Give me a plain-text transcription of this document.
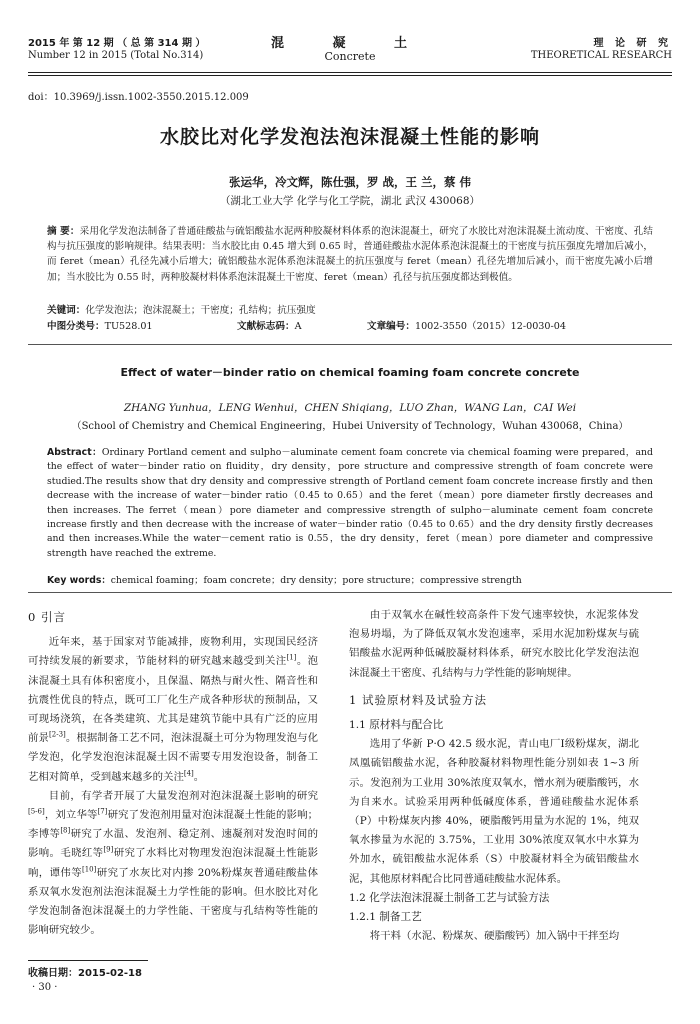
2015 年 第 12 期 （ 总 第 314 期 ）
Number 12 in 2015 (Total No.314)
混 凝 土
Concrete
理 论 研 究
THEORETICAL RESEARCH
doi：10.3969/j.issn.1002-3550.2015.12.009
水胶比对化学发泡法泡沫混凝土性能的影响
张运华，冷文辉，陈仕强，罗 战，王 兰，蔡 伟
（湖北工业大学 化学与化工学院，湖北 武汉 430068）
摘 要：采用化学发泡法制备了普通硅酸盐与硫铝酸盐水泥两种胶凝材料体系的泡沫混凝土，研究了水胶比对泡沫混凝土流动度、干密度、孔结构与抗压强度的影响规律。结果表明：当水胶比由 0.45 增大到 0.65 时，普通硅酸盐水泥体系泡沫混凝土的干密度与抗压强度先增加后减小，而 feret（mean）孔径先减小后增大；硫铝酸盐水泥体系泡沫混凝土的抗压强度与 feret（mean）孔径先增加后减小，而干密度先减小后增加；当水胶比为 0.55 时，两种胶凝材料体系泡沫混凝土干密度、feret（mean）孔径与抗压强度都达到极值。
关键词：化学发泡法；泡沫混凝土；干密度；孔结构；抗压强度
中图分类号：TU528.01	文献标志码：A	文章编号：1002-3550（2015）12-0030-04
Effect of water－binder ratio on chemical foaming foam concrete concrete
ZHANG Yunhua，LENG Wenhui，CHEN Shiqiang，LUO Zhan，WANG Lan，CAI Wei
（School of Chemistry and Chemical Engineering，Hubei University of Technology，Wuhan 430068，China）
Abstract：Ordinary Portland cement and sulpho－aluminate cement foam concrete via chemical foaming were prepared，and the effect of water－binder ratio on fluidity，dry density，pore structure and compressive strength of foam concrete were studied.The results show that dry density and compressive strength of Portland cement foam concrete increase firstly and then decrease with the increase of water－binder ratio（0.45 to 0.65）and the feret（mean）pore diameter firstly decreases and then increases. The ferret（mean）pore diameter and compressive strength of sulpho－aluminate cement foam concrete increase firstly and then decrease with the increase of water－binder ratio（0.45 to 0.65）and the dry density firstly decreases and then increases.While the water－cement ratio is 0.55，the dry density，feret（mean）pore diameter and compressive strength have reached the extreme.
Key words：chemical foaming；foam concrete；dry density；pore structure；compressive strength
0 引言

近年来，基于国家对节能减排，废物利用，实现国民经济可持续发展的新要求，节能材料的研究越来越受到关注[1]。泡沫混凝土具有体积密度小，且保温、隔热与耐火性、隔音性和抗震性优良的特点，既可工厂化生产成各种形状的预制品，又可现场浇筑，在各类建筑、尤其是建筑节能中具有广泛的应用前景[2-3]。根据制备工艺不同，泡沫混凝土可分为物理发泡与化学发泡，化学发泡泡沫混凝土因不需要专用发泡设备，制备工艺相对简单，受到越来越多的关注[4]。

目前，有学者开展了大量发泡剂对泡沫混凝土影响的研究[5-6]，刘立华等[7]研究了发泡剂用量对泡沫混凝土性能的影响；李博等[8]研究了水温、发泡剂、稳定剂、速凝剂对发泡时间的影响。毛晓红等[9]研究了水料比对物理发泡泡沫混凝土性能影响，谭伟等[10]研究了水灰比对内掺 20%粉煤灰普通硅酸盐体系双氧水发泡剂法泡沫混凝土力学性能的影响。但水胶比对化学发泡制备泡沫混凝土的力学性能、干密度与孔结构等性能的影响研究较少。

由于双氧水在碱性较高条件下发气速率较快，水泥浆体发泡易坍塌，为了降低双氧水发泡速率，采用水泥加粉煤灰与硫铝酸盐水泥两种低碱胶凝材料体系，研究水胶比化学发泡法泡沫混凝土干密度、孔结构与力学性能的影响规律。

1 试验原材料及试验方法
1.1 原材料与配合比

选用了华新 P·O 42.5 级水泥，青山电厂Ⅰ级粉煤灰，湖北凤凰硫铝酸盐水泥，各种胶凝材料物理性能分别如表 1~3 所示。发泡剂为工业用 30%浓度双氧水，憎水剂为硬脂酸钙，水为自来水。试验采用两种低碱度体系，普通硅酸盐水泥体系（P）中粉煤灰内掺 40%，硬脂酸钙用量为水泥的 1%，纯双氧水掺量为水泥的 3.75%，工业用 30%浓度双氧水中水算为外加水，硫铝酸盐水泥体系（S）中胶凝材料全为硫铝酸盐水泥，其他原材料配合比同普通硅酸盐水泥体系。

1.2 化学法泡沫混凝土制备工艺与试验方法
1.2.1 制备工艺

将干料（水泥、粉煤灰、硬脂酸钙）加入锅中干拌至均

收稿日期：2015-02-18
· 30 ·
